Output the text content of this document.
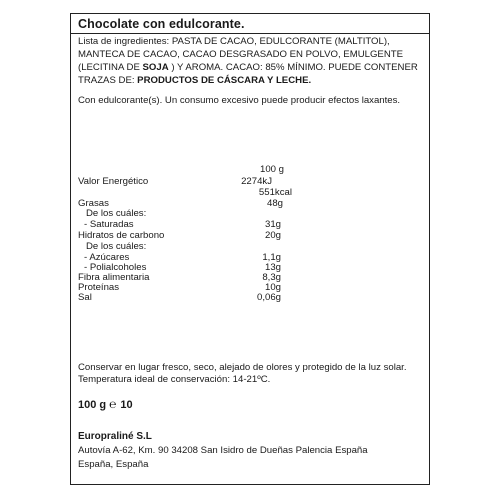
Chocolate con edulcorante.
Lista de ingredientes: PASTA DE CACAO, EDULCORANTE (MALTITOL),
MANTECA DE CACAO, CACAO DESGRASADO EN POLVO, EMULGENTE
(LECITINA DE SOJA ) Y AROMA. CACAO: 85% MÍNIMO. PUEDE CONTENER
TRAZAS DE: PRODUCTOS DE CÁSCARA Y LECHE.
Con edulcorante(s). Un consumo excesivo puede producir efectos laxantes.
100 g
Valor Energético
Grasas
De los cuáles:
- Saturadas
Hidratos de carbono
De los cuáles:
- Azúcares
- Polialcoholes
Fibra alimentaria
Proteínas
Sal
2274kJ
551kcal
48g
31g
20g
1,1g
13g
8,3g
10g
0,06g
Conservar en lugar fresco, seco, alejado de olores y protegido de la luz solar.
Temperatura ideal de conservación: 14-21ºC.
100 g ℮ 10
Europraliné S.L
Autovía A-62, Km. 90 34208 San Isidro de Dueñas Palencia España
España, España
